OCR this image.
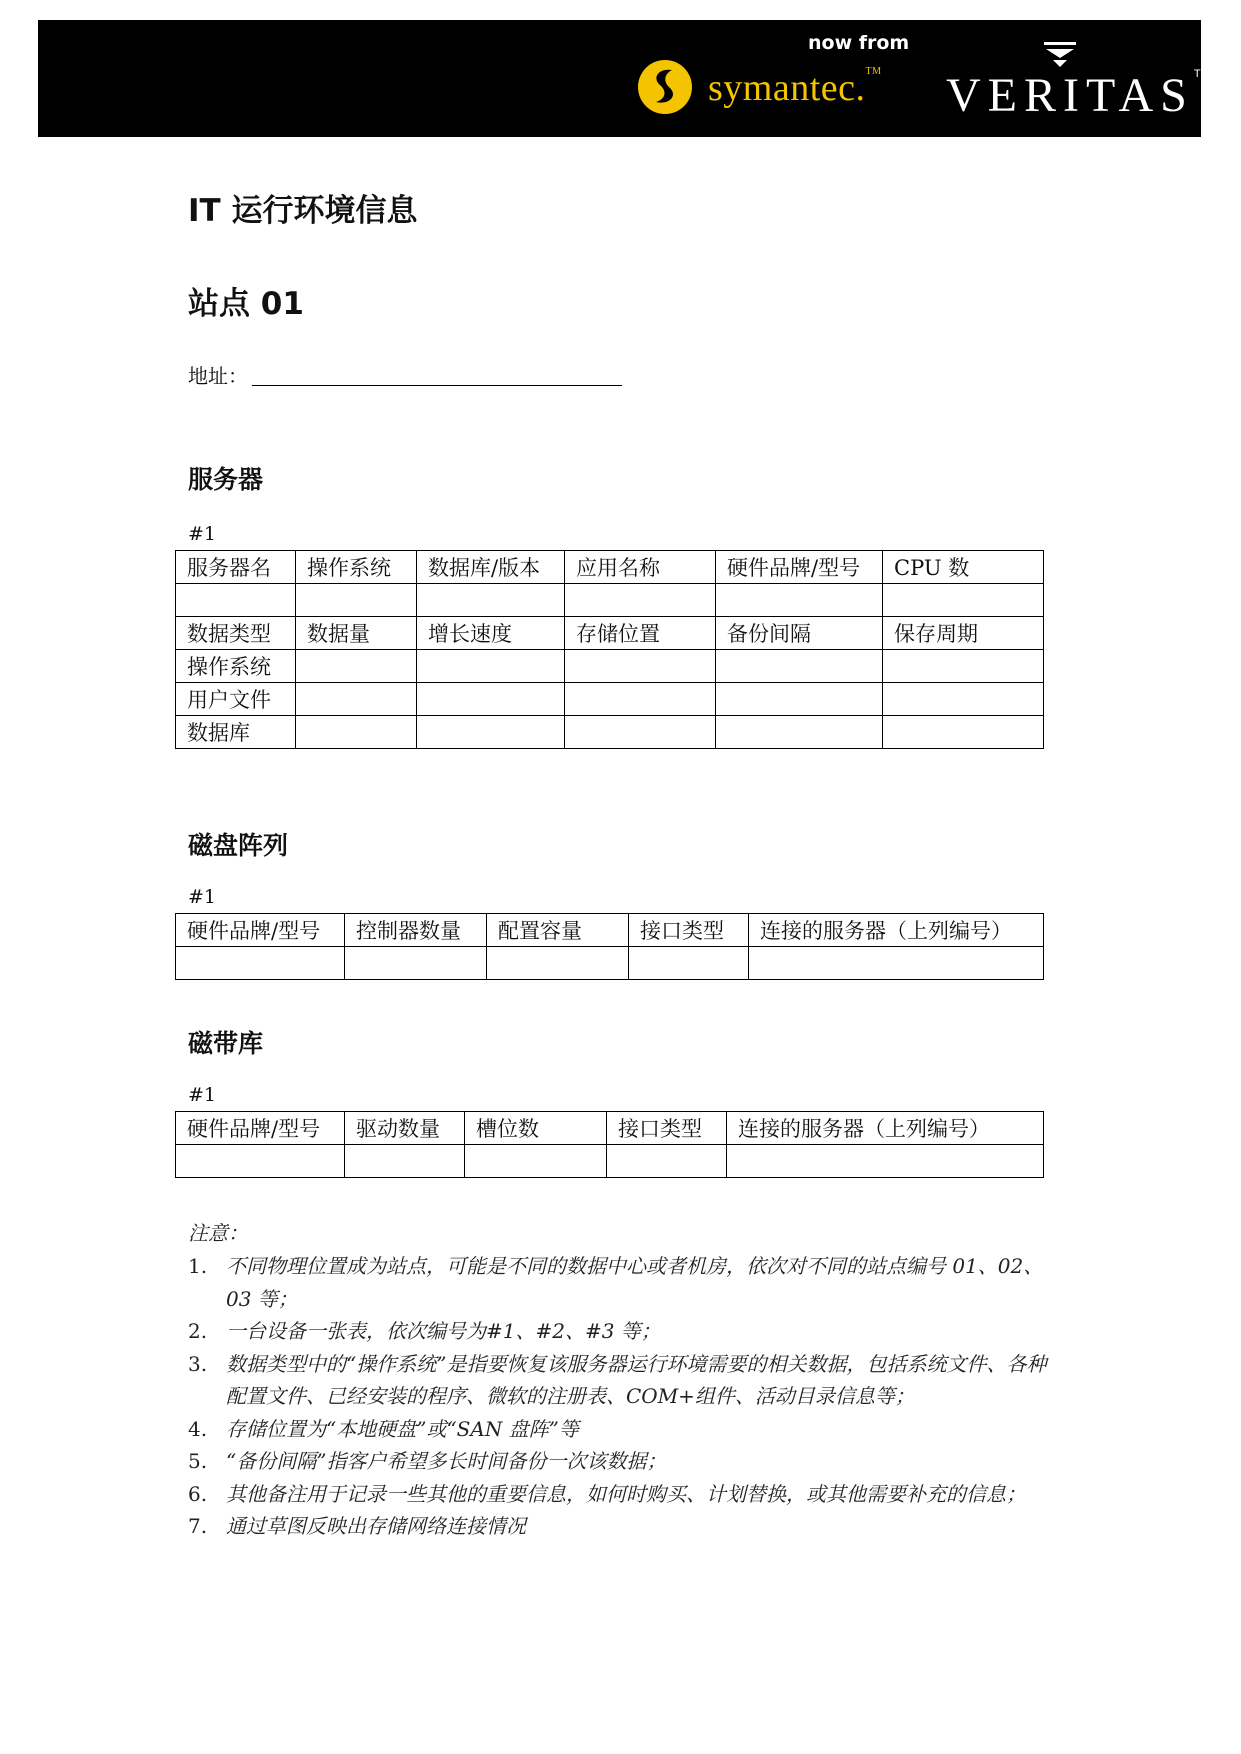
now from
symantec.™ VERITAS™
IT 运行环境信息
站点 01
地址：
服务器
#1
服务器名	操作系统	数据库/版本	应用名称	硬件品牌/型号	CPU 数

数据类型	数据量	增长速度	存储位置	备份间隔	保存周期
操作系统					
用户文件					
数据库					
磁盘阵列
#1
硬件品牌/型号	控制器数量	配置容量	接口类型	连接的服务器（上列编号）

磁带库
#1
硬件品牌/型号	驱动数量	槽位数	接口类型	连接的服务器（上列编号）

注意：
1. 不同物理位置成为站点，可能是不同的数据中心或者机房，依次对不同的站点编号 01、02、03 等；
2. 一台设备一张表，依次编号为#1、#2、#3 等；
3. 数据类型中的“操作系统”是指要恢复该服务器运行环境需要的相关数据，包括系统文件、各种配置文件、已经安装的程序、微软的注册表、COM+组件、活动目录信息等；
4. 存储位置为“本地硬盘”或“SAN 盘阵”等
5. “备份间隔”指客户希望多长时间备份一次该数据；
6. 其他备注用于记录一些其他的重要信息，如何时购买、计划替换，或其他需要补充的信息；
7. 通过草图反映出存储网络连接情况
